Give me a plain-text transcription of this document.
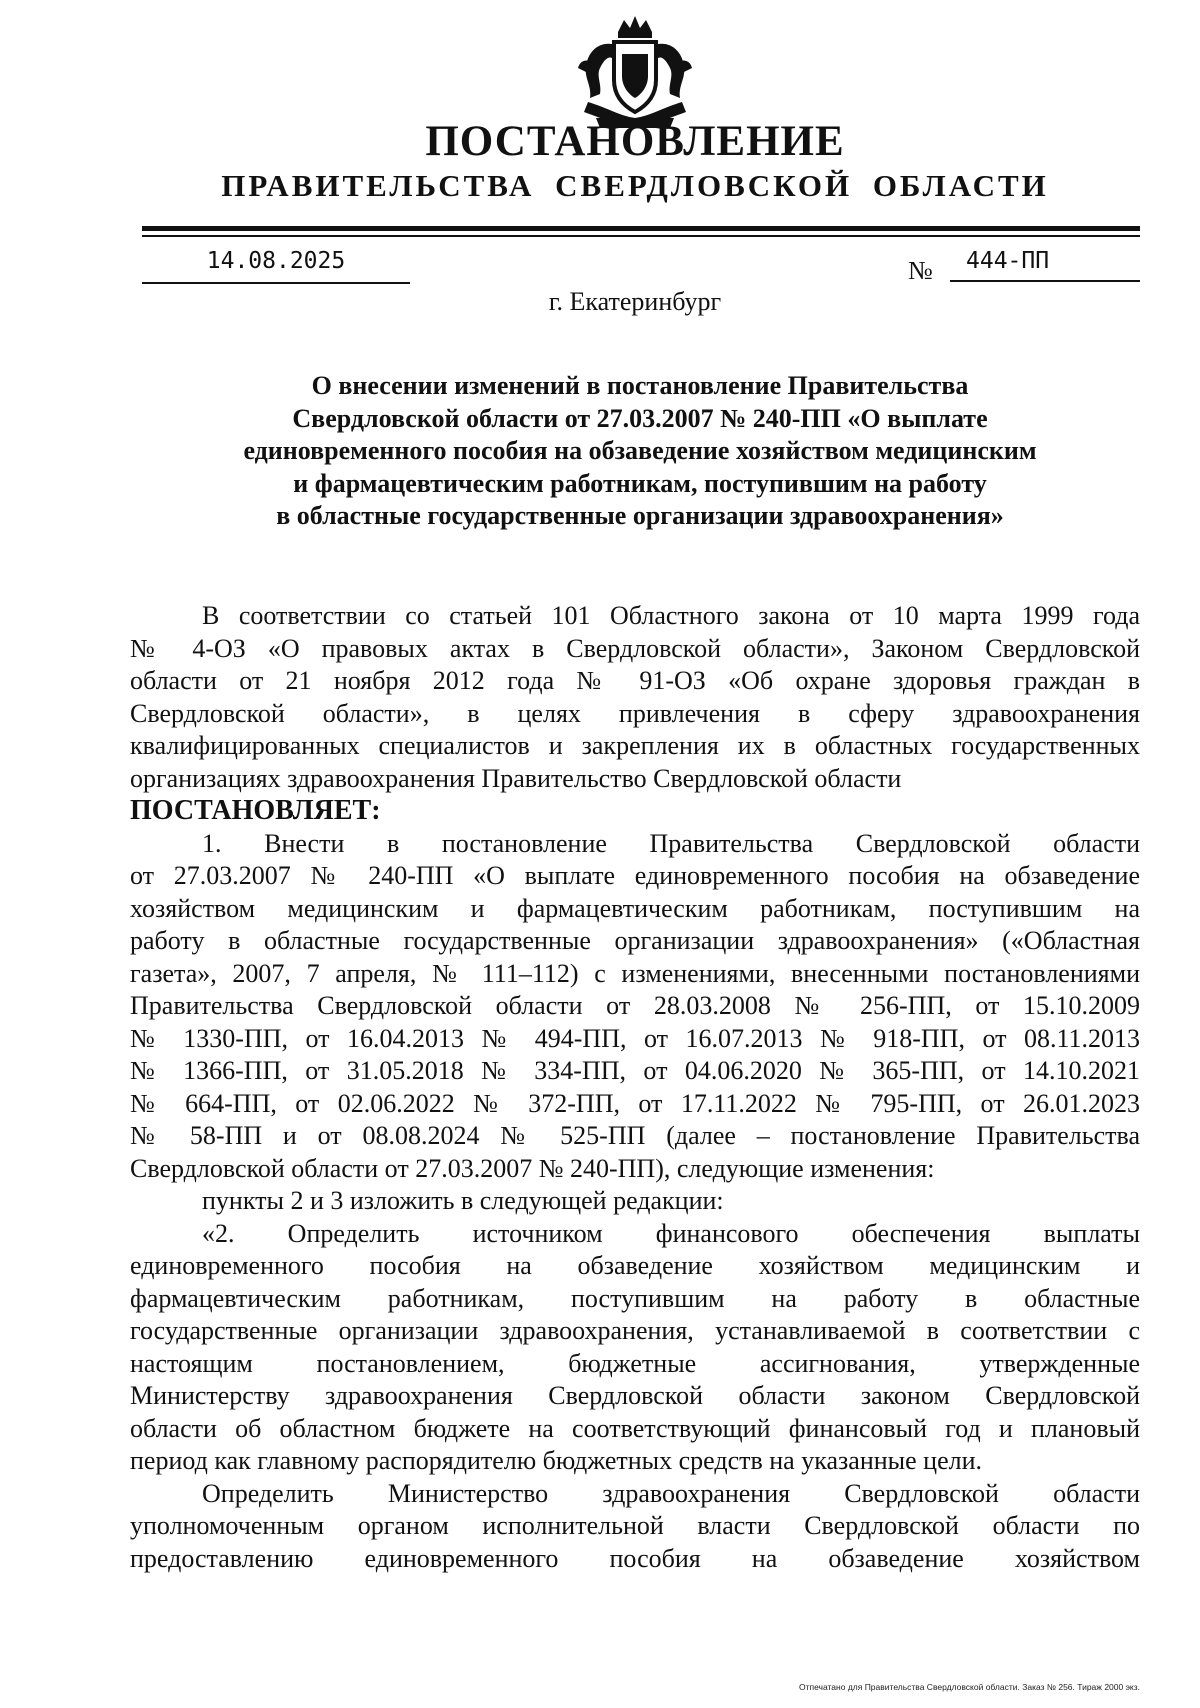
ПОСТАНОВЛЕНИЕ
ПРАВИТЕЛЬСТВА СВЕРДЛОВСКОЙ ОБЛАСТИ
14.08.2025	№	444-ПП
г. Екатеринбург
О внесении изменений в постановление Правительства
Свердловской области от 27.03.2007 № 240-ПП «О выплате
единовременного пособия на обзаведение хозяйством медицинским
и фармацевтическим работникам, поступившим на работу
в областные государственные организации здравоохранения»
В соответствии со статьей 101 Областного закона от 10 марта 1999 года
№ 4-ОЗ «О правовых актах в Свердловской области», Законом Свердловской
области от 21 ноября 2012 года № 91-ОЗ «Об охране здоровья граждан в
Свердловской области», в целях привлечения в сферу здравоохранения
квалифицированных специалистов и закрепления их в областных государственных
организациях здравоохранения Правительство Свердловской области
ПОСТАНОВЛЯЕТ:
1. Внести в постановление Правительства Свердловской области
от 27.03.2007 № 240-ПП «О выплате единовременного пособия на обзаведение
хозяйством медицинским и фармацевтическим работникам, поступившим на
работу в областные государственные организации здравоохранения» («Областная
газета», 2007, 7 апреля, № 111–112) с изменениями, внесенными постановлениями
Правительства Свердловской области от 28.03.2008 № 256-ПП, от 15.10.2009
№ 1330-ПП, от 16.04.2013 № 494-ПП, от 16.07.2013 № 918-ПП, от 08.11.2013
№ 1366-ПП, от 31.05.2018 № 334-ПП, от 04.06.2020 № 365-ПП, от 14.10.2021
№ 664-ПП, от 02.06.2022 № 372-ПП, от 17.11.2022 № 795-ПП, от 26.01.2023
№ 58-ПП и от 08.08.2024 № 525-ПП (далее – постановление Правительства
Свердловской области от 27.03.2007 № 240-ПП), следующие изменения:
пункты 2 и 3 изложить в следующей редакции:
«2. Определить источником финансового обеспечения выплаты
единовременного пособия на обзаведение хозяйством медицинским и
фармацевтическим работникам, поступившим на работу в областные
государственные организации здравоохранения, устанавливаемой в соответствии с
настоящим постановлением, бюджетные ассигнования, утвержденные
Министерству здравоохранения Свердловской области законом Свердловской
области об областном бюджете на соответствующий финансовый год и плановый
период как главному распорядителю бюджетных средств на указанные цели.
Определить Министерство здравоохранения Свердловской области
уполномоченным органом исполнительной власти Свердловской области по
предоставлению единовременного пособия на обзаведение хозяйством
Отпечатано для Правительства Свердловской области. Заказ № 256. Тираж 2000 экз.
